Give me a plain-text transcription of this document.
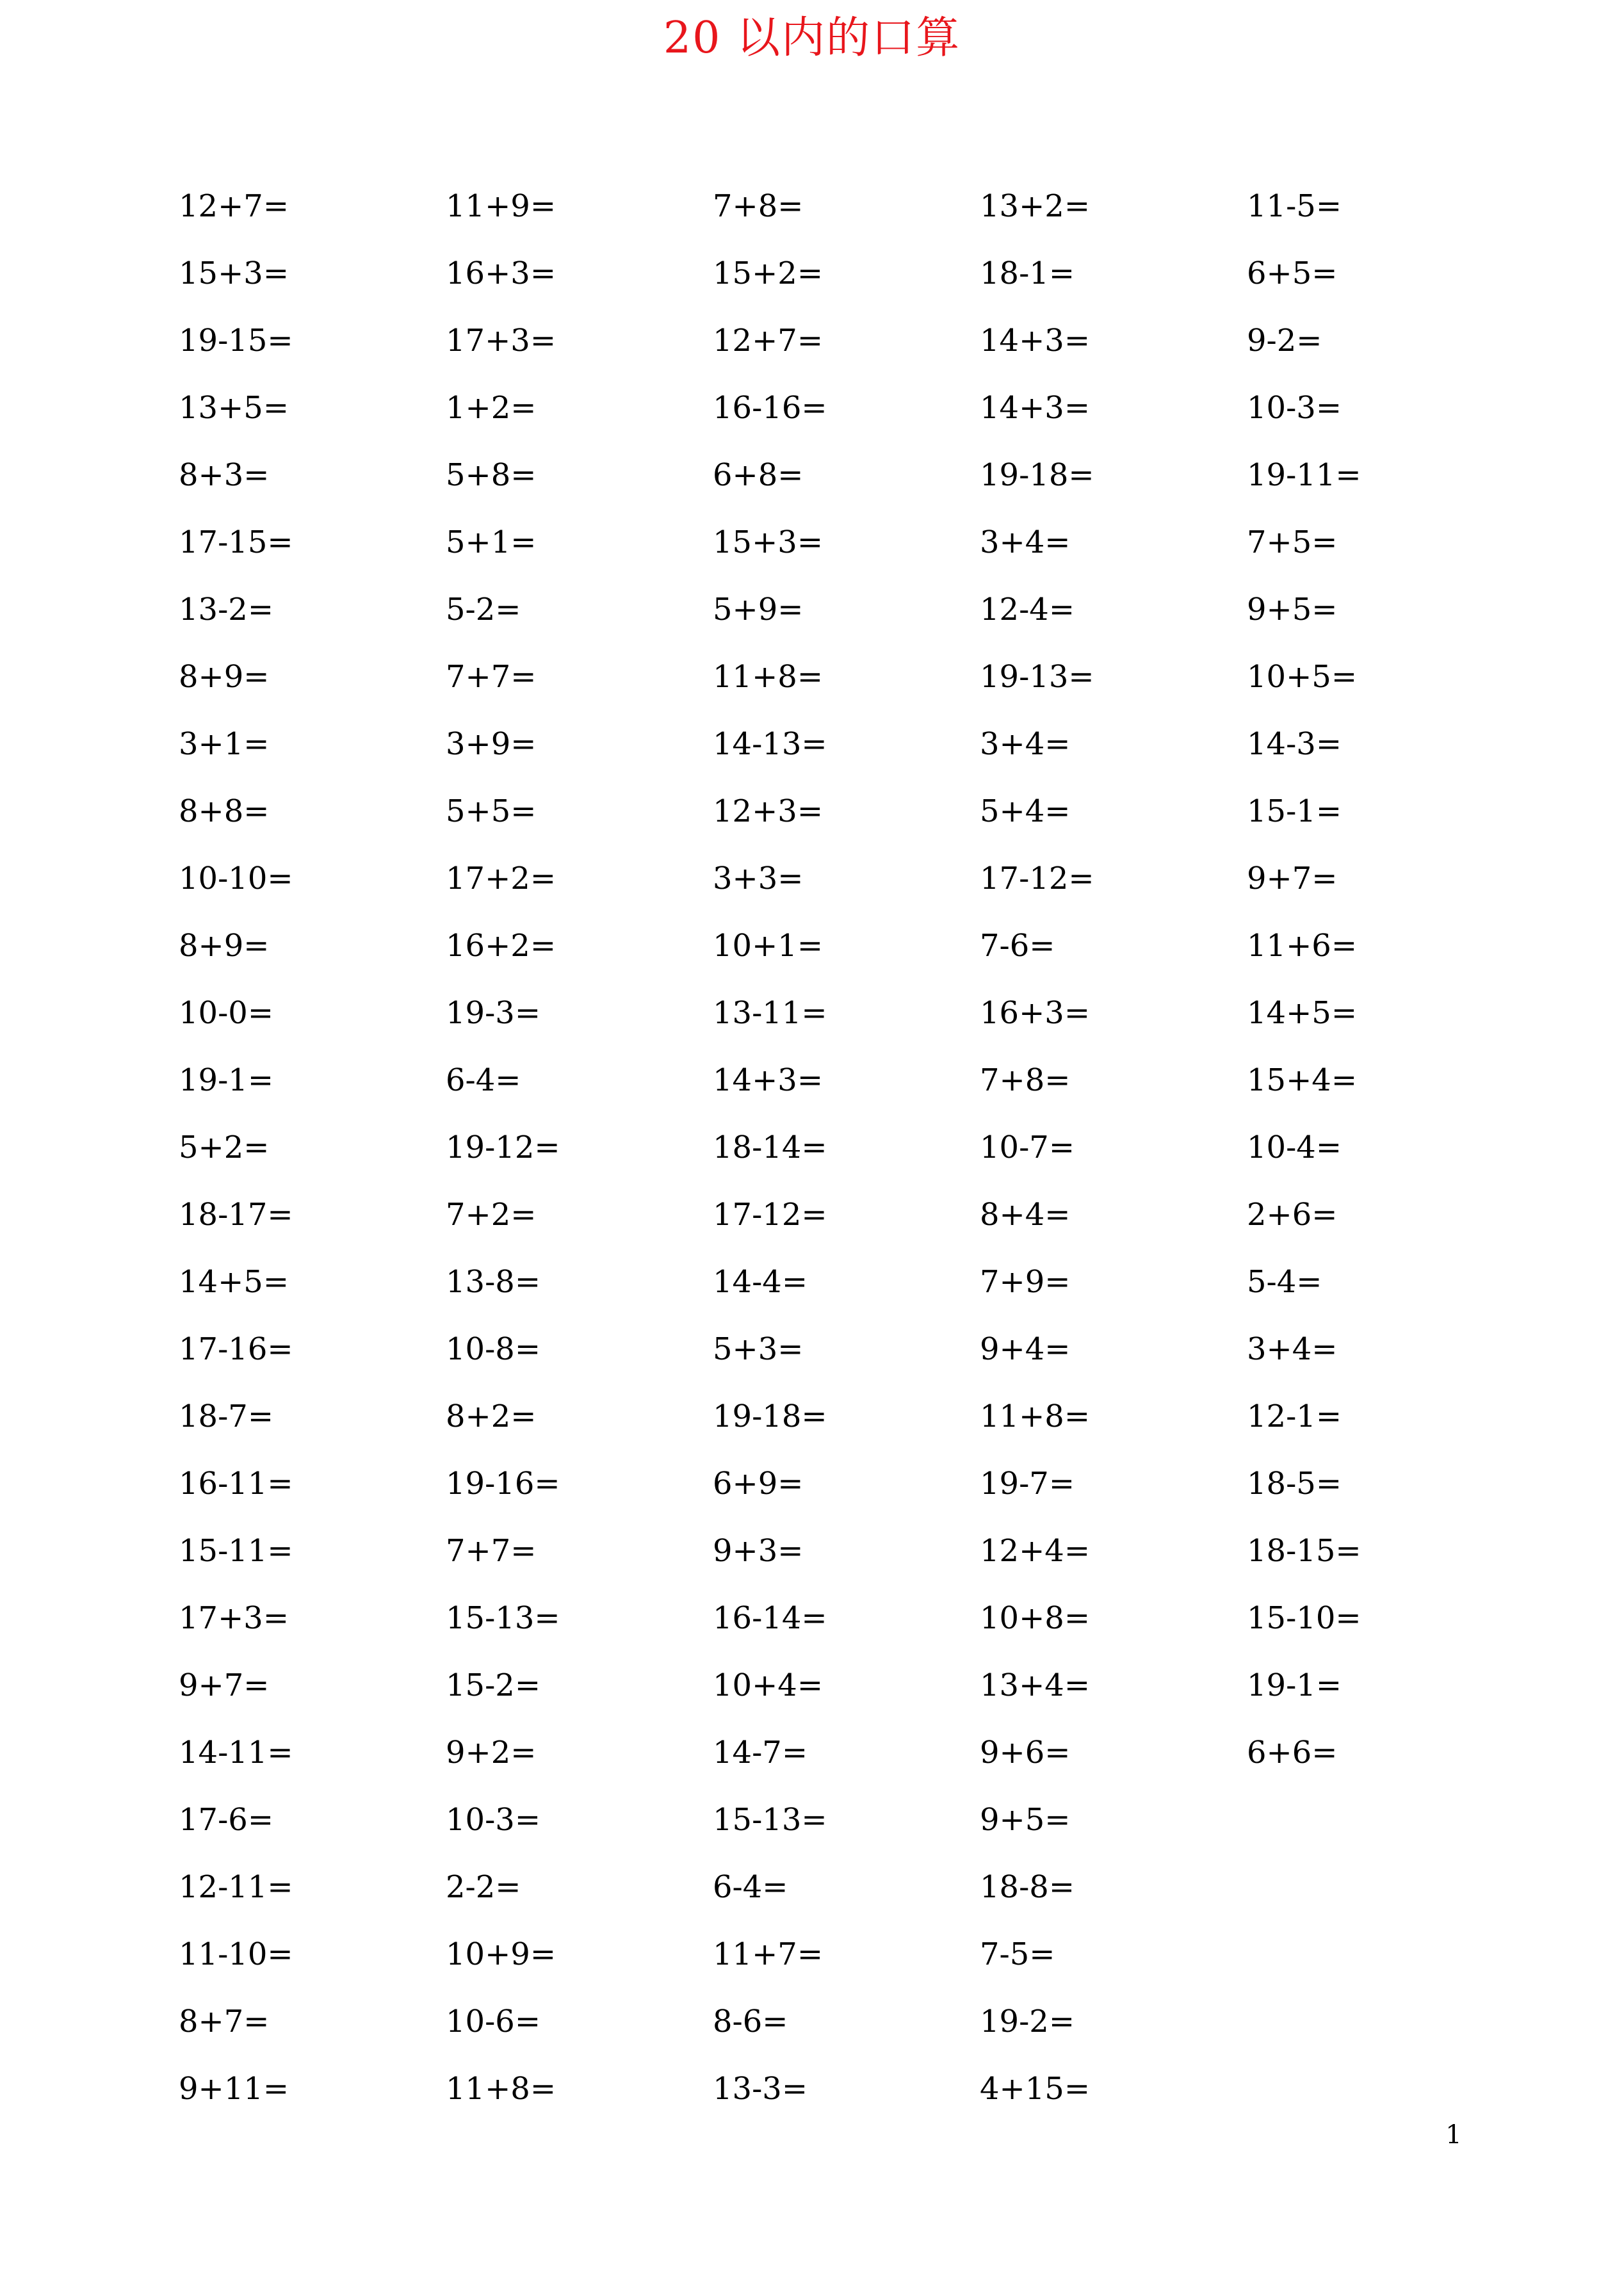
20 以内的口算
12+7=
15+3=
19-15=
13+5=
8+3=
17-15=
13-2=
8+9=
3+1=
8+8=
10-10=
8+9=
10-0=
19-1=
5+2=
18-17=
14+5=
17-16=
18-7=
16-11=
15-11=
17+3=
9+7=
14-11=
17-6=
12-11=
11-10=
8+7=
9+11=
11+9=
16+3=
17+3=
1+2=
5+8=
5+1=
5-2=
7+7=
3+9=
5+5=
17+2=
16+2=
19-3=
6-4=
19-12=
7+2=
13-8=
10-8=
8+2=
19-16=
7+7=
15-13=
15-2=
9+2=
10-3=
2-2=
10+9=
10-6=
11+8=
7+8=
15+2=
12+7=
16-16=
6+8=
15+3=
5+9=
11+8=
14-13=
12+3=
3+3=
10+1=
13-11=
14+3=
18-14=
17-12=
14-4=
5+3=
19-18=
6+9=
9+3=
16-14=
10+4=
14-7=
15-13=
6-4=
11+7=
8-6=
13-3=
13+2=
18-1=
14+3=
14+3=
19-18=
3+4=
12-4=
19-13=
3+4=
5+4=
17-12=
7-6=
16+3=
7+8=
10-7=
8+4=
7+9=
9+4=
11+8=
19-7=
12+4=
10+8=
13+4=
9+6=
9+5=
18-8=
7-5=
19-2=
4+15=
11-5=
6+5=
9-2=
10-3=
19-11=
7+5=
9+5=
10+5=
14-3=
15-1=
9+7=
11+6=
14+5=
15+4=
10-4=
2+6=
5-4=
3+4=
12-1=
18-5=
18-15=
15-10=
19-1=
6+6=
1
